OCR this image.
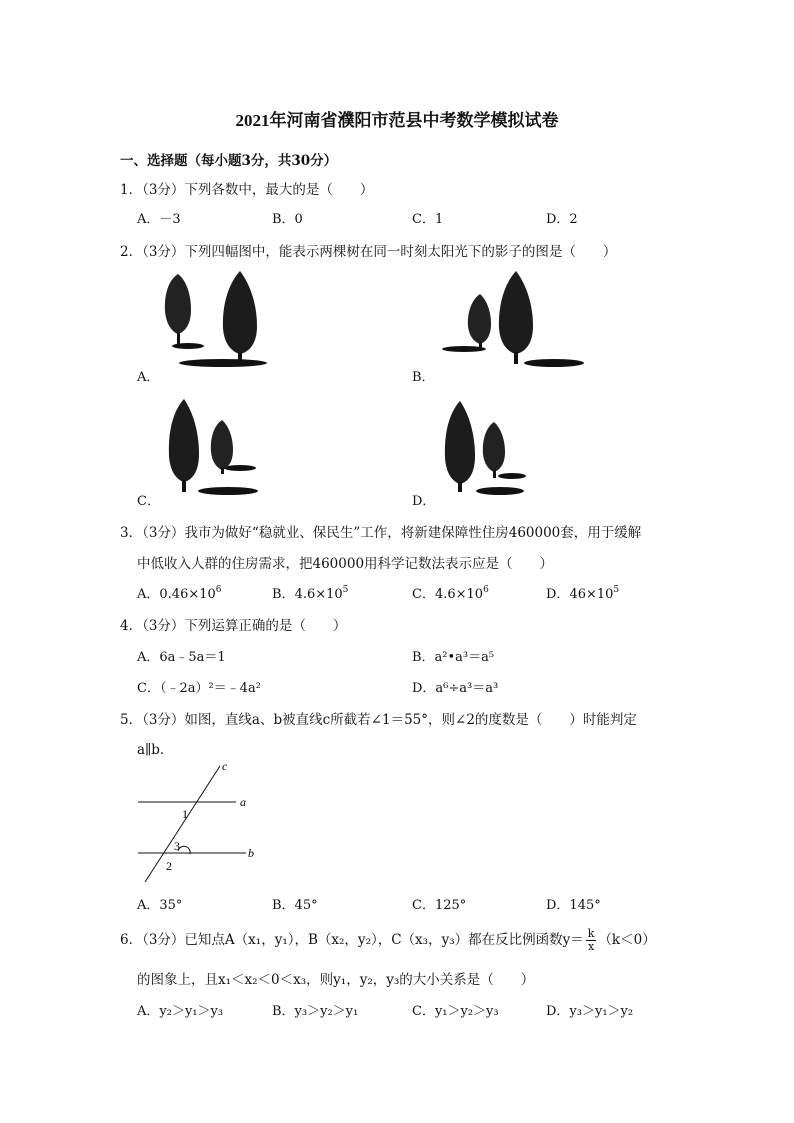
2021年河南省濮阳市范县中考数学模拟试卷
一、选择题（每小题3分，共30分）
1．（3分）下列各数中，最大的是（　　）
A．－3	B．0	C．1	D．2
2．（3分）下列四幅图中，能表示两棵树在同一时刻太阳光下的影子的图是（　　）
A．	B．
C．	D．
3．（3分）我市为做好“稳就业、保民生”工作，将新建保障性住房460000套，用于缓解
中低收入人群的住房需求，把460000用科学记数法表示应是（　　）
A．$0.46\times 10^6$	B．$4.6\times 10^5$	C．$4.6\times 10^6$	D．$46\times 10^5$
4．（3分）下列运算正确的是（　　）
A．6a﹣5a＝1	B．a²•a³＝a⁵
C．（﹣2a）²＝﹣4a²	D．a⁶÷a³＝a³
5．（3分）如图，直线a、b被直线c所截若∠1＝55°，则∠2的度数是（　　）时能判定
a∥b．
c
a
b
1
3
2
A．35°	B．45°	C．125°	D．145°
6．（3分）已知点A（x₁，y₁），B（x₂，y₂），C（x₃，y₃）都在反比例函数$y= \frac{k}{x} (k<0)$
的图象上，且x₁＜x₂＜0＜x₃，则y₁，y₂，y₃的大小关系是（　　）
A．y₂＞y₁＞y₃	B．y₃＞y₂＞y₁	C．y₁＞y₂＞y₃	D．y₃＞y₁＞y₂
